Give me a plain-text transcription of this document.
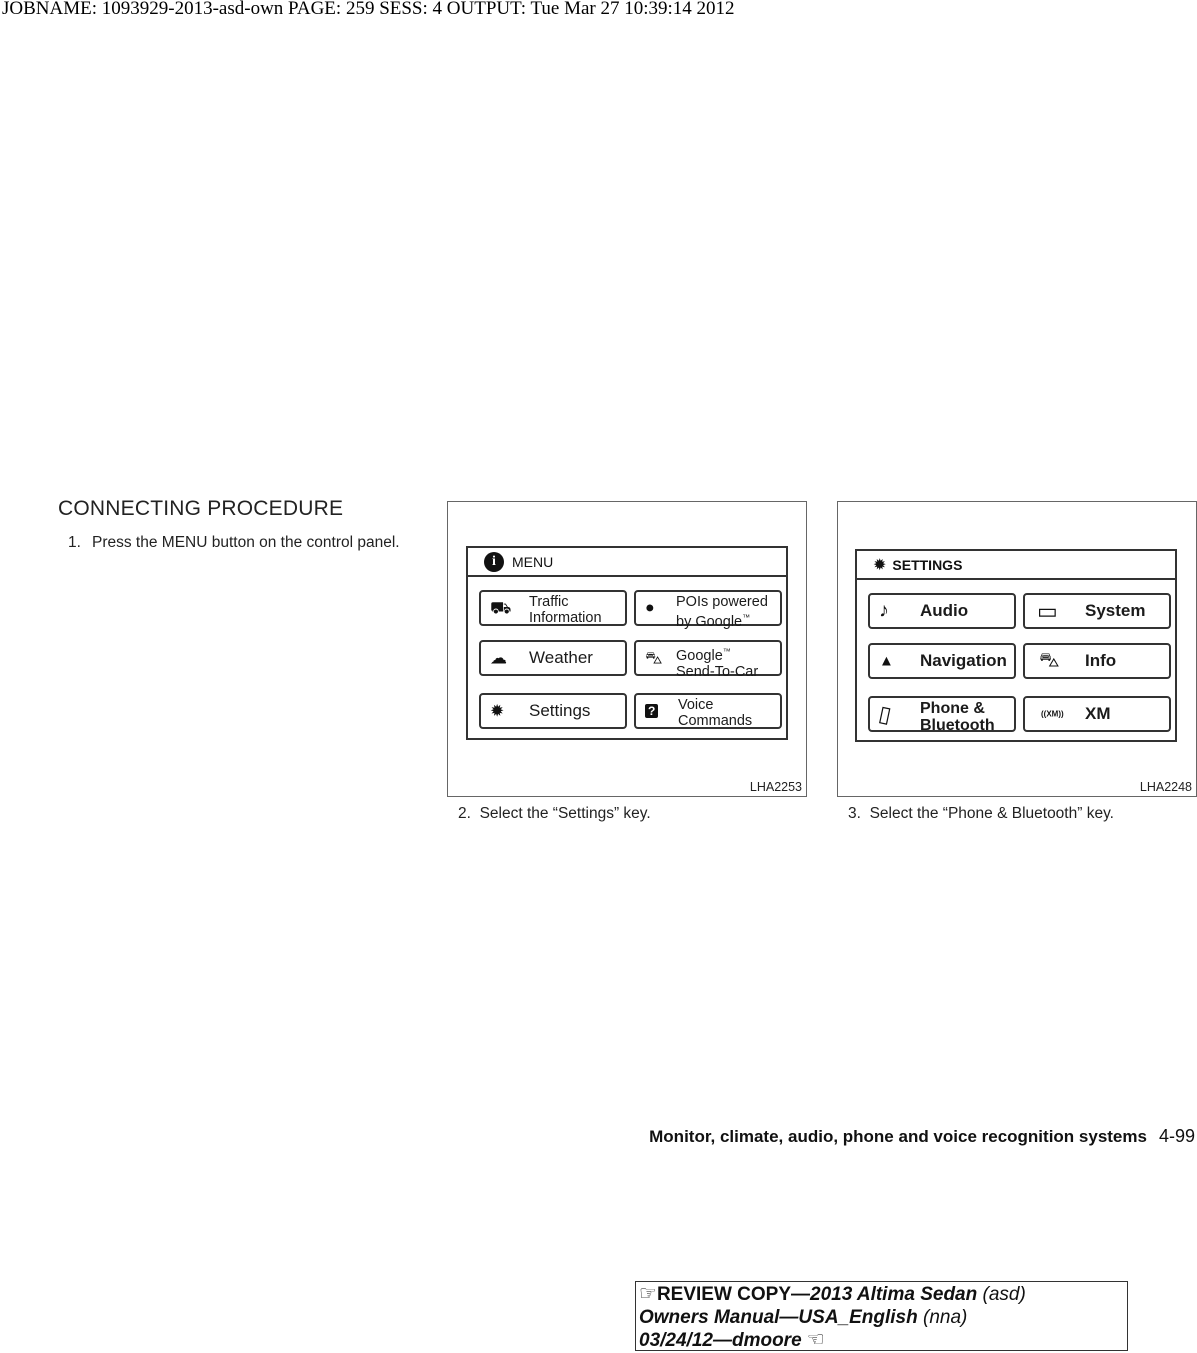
JOBNAME: 1093929-2013-asd-own PAGE: 259 SESS: 4 OUTPUT: Tue Mar 27 10:39:14 2012
CONNECTING PROCEDURE
1. Press the MENU button on the control panel.
i	MENU
⛟ Traffic
Information
● POIs powered
by Google™
☁ Weather	⛍ Google™
Send-To-Car
✹ Settings	? Voice
Commands
LHA2253
2. Select the “Settings” key.
✹ SETTINGS
♪ Audio	▭ System
▲ Navigation ⛍ Info
▯ Phone &
Bluetooth
((XM)) XM
LHA2248
3. Select the “Phone & Bluetooth” key.
Monitor, climate, audio, phone and voice recognition systems 4-99
☞REVIEW COPY—2013 Altima Sedan (asd)
Owners Manual—USA_English (nna)
03/24/12—dmoore ☜
